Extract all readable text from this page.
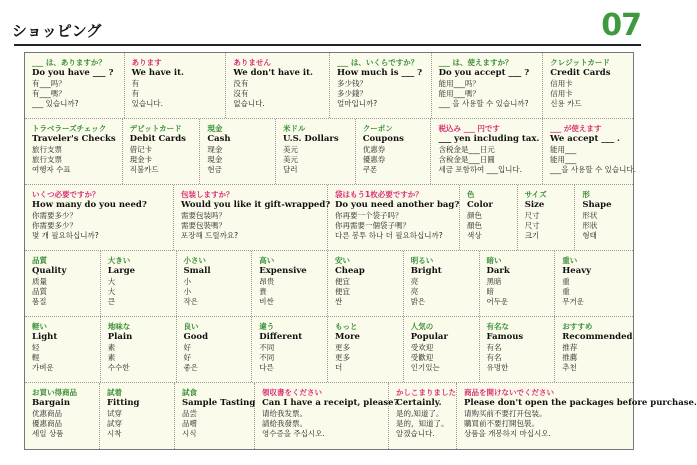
ショッピング	07
___ は、ありますか？
Do you have ___ ?
有___吗？
有___嗎？
___ 있습니까?
あります
We have it.
有
有
있습니다.
ありません
We don't have it.
没有
沒有
없습니다.
___ は、いくらですか？
How much is ___ ?
多少钱？
多少錢？
얼마입니까?
___ は、使えますか？
Do you accept ___ ?
能用___吗？
能用___嗎？
___ 을 사용할 수 있습니까?
クレジットカード
Credit Cards
信用卡
信用卡
신용 카드
トラベラーズチェック
Traveler's Checks
旅行支票
旅行支票
여행자 수표
デビットカード
Debit Cards
借记卡
現金卡
직불카드
現金
Cash
现金
現金
현금
米ドル
U.S. Dollars
美元
美元
달러
クーポン
Coupons
优惠券
優惠券
쿠폰
税込み ___ 円です
___ yen including tax.
含税金是___日元
含稅金是___日圓
세금 포함하여 ___입니다.
___ が使えます
We accept ___ .
能用___
能用___
___을 사용할 수 있습니다.
いくつ必要ですか？
How many do you need?
你需要多少？
你需要多少？
몇 개 필요하십니까?
包装しますか？
Would you like it gift-wrapped?
需要包装吗？
需要包裝嗎？
포장해 드릴까요?
袋はもう1枚必要ですか？
Do you need another bag?
你再要一个袋子吗？
你再需要一個袋子嗎？
다른 봉투 하나 더 필요하십니까?
色
Color
颜色
顏色
색상
サイズ
Size
尺寸
尺寸
크기
形
Shape
形状
形狀
형태
品質
Quality
质量
品質
품질
大きい
Large
大
大
큰
小さい
Small
小
小
작은
高い
Expensive
昂贵
貴
비싼
安い
Cheap
便宜
便宜
싼
明るい
Bright
亮
亮
밝은
暗い
Dark
黑暗
暗
어두운
重い
Heavy
重
重
무거운
軽い
Light
轻
輕
가벼운
地味な
Plain
素
素
수수한
良い
Good
好
好
좋은
違う
Different
不同
不同
다른
もっと
More
更多
更多
더
人気の
Popular
受欢迎
受歡迎
인기있는
有名な
Famous
有名
有名
유명한
おすすめ
Recommended
推荐
推薦
추천
お買い得商品
Bargain
优惠商品
優惠商品
세일 상품
試着
Fitting
试穿
試穿
시착
試食
Sample Tasting
品尝
品嚐
시식
領収書をください
Can I have a receipt, please?
请给我发票。
請給我發票。
영수증을 주십시오.
かしこまりました
Certainly.
是的,知道了。
是的，知道了。
알겠습니다.
商品を開けないでください
Please don't open the packages before purchase.
请购买前不要打开包装。
購買前不要打開包裝。
상품을 개봉하지 마십시오.
